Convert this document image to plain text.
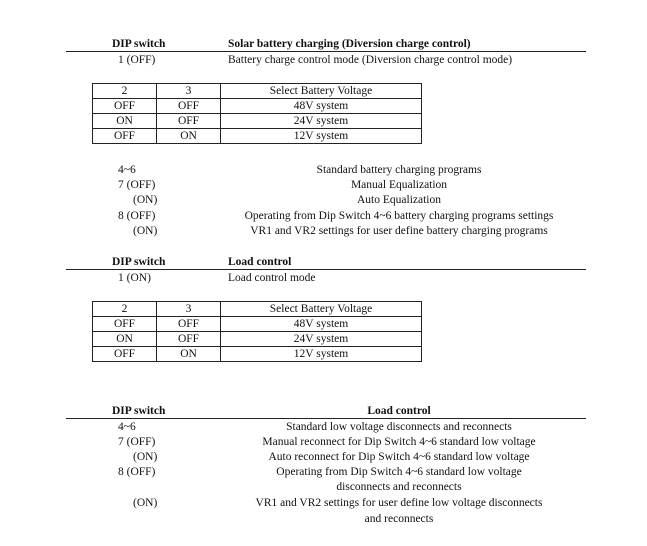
DIP switch	Solar battery charging (Diversion charge control)
1 (OFF)	Battery charge control mode (Diversion charge control mode)
2	3	Select Battery Voltage
OFF	OFF	48V system
ON	OFF	24V system
OFF	ON	12V system
4~6	Standard battery charging programs
7 (OFF)	Manual Equalization
(ON)	Auto Equalization
8 (OFF)	Operating from Dip Switch 4~6 battery charging programs settings
(ON)	VR1 and VR2 settings for user define battery charging programs
DIP switch	Load control
1 (ON)	Load control mode
2	3	Select Battery Voltage
OFF	OFF	48V system
ON	OFF	24V system
OFF	ON	12V system
DIP switch	Load control
4~6	Standard low voltage disconnects and reconnects
7 (OFF)	Manual reconnect for Dip Switch 4~6 standard low voltage
(ON)	Auto reconnect for Dip Switch 4~6 standard low voltage
8 (OFF)	Operating from Dip Switch 4~6 standard low voltage
disconnects and reconnects
(ON)	VR1 and VR2 settings for user define low voltage disconnects
and reconnects
